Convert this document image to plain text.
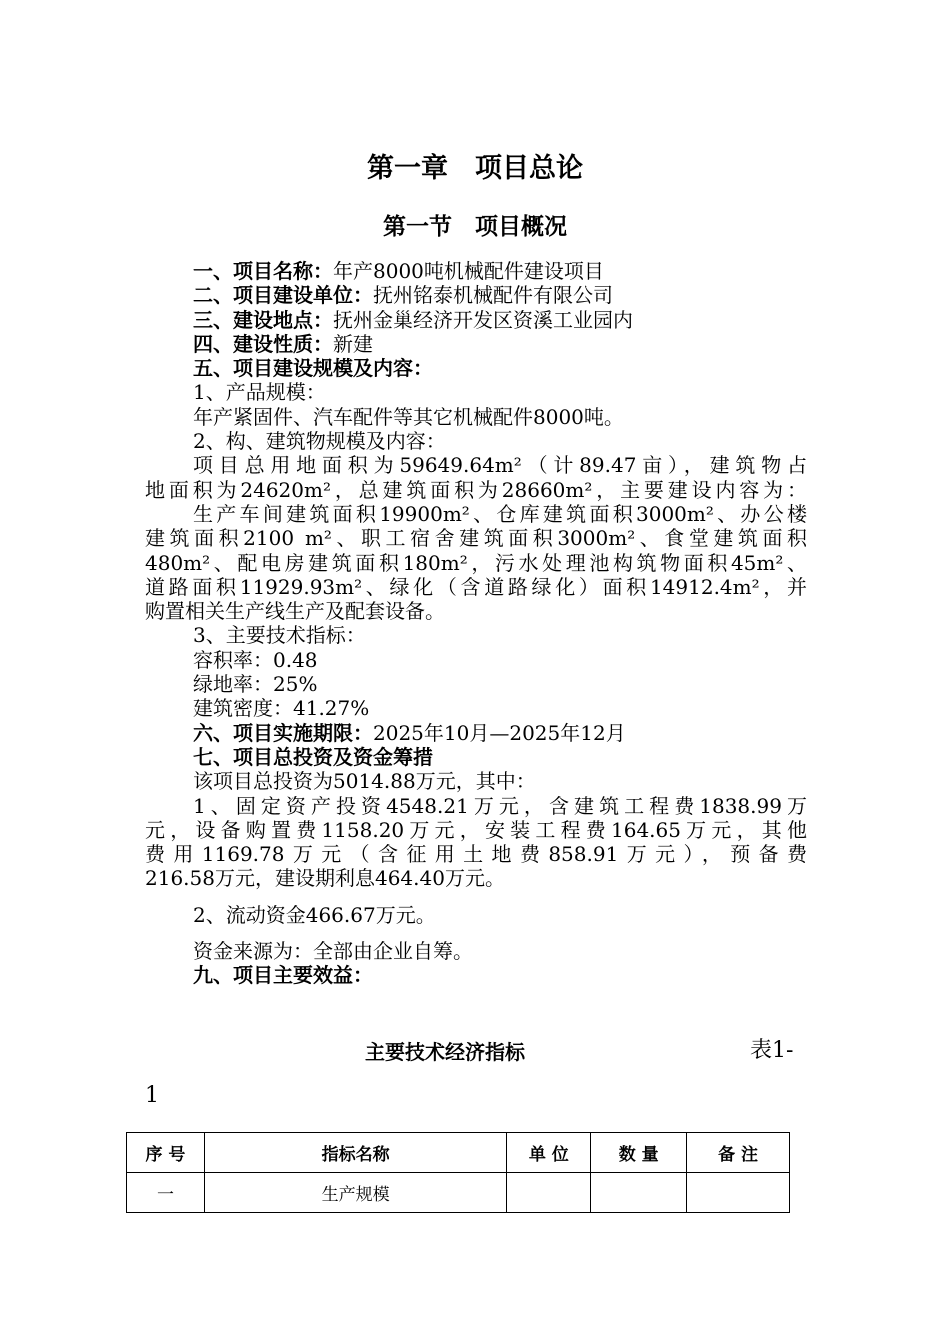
第一章　项目总论
第一节　项目概况
一、项目名称：年产8000吨机械配件建设项目
二、项目建设单位：抚州铭泰机械配件有限公司
三、建设地点：抚州金巢经济开发区资溪工业园内
四、建设性质：新建
五、项目建设规模及内容：
1、产品规模：
年产紧固件、汽车配件等其它机械配件8000吨。
2、构、建筑物规模及内容：
项目总用地面积为59649.64m²（计89.47亩），建筑物占
地面积为24620m²，总建筑面积为28660m²，主要建设内容为：
生产车间建筑面积19900m²、仓库建筑面积3000m²、办公楼
建筑面积2100 m²、职工宿舍建筑面积3000m²、食堂建筑面积
480m²、配电房建筑面积180m²，污水处理池构筑物面积45m²、
道路面积11929.93m²、绿化（含道路绿化）面积14912.4m²，并
购置相关生产线生产及配套设备。
3、主要技术指标：
容积率：0.48
绿地率：25%
建筑密度：41.27%
六、项目实施期限：2025年10月—2025年12月
七、项目总投资及资金筹措
该项目总投资为5014.88万元，其中：
1、固定资产投资4548.21万元，含建筑工程费1838.99万
元，设备购置费1158.20万元，安装工程费164.65万元，其他
费用1169.78万元（含征用土地费858.91万元），预备费
216.58万元，建设期利息464.40万元。
2、流动资金466.67万元。
资金来源为：全部由企业自筹。
九、项目主要效益：
主要技术经济指标	表1-
1
序 号	指标名称	单 位	数 量	备 注
一	生产规模			
